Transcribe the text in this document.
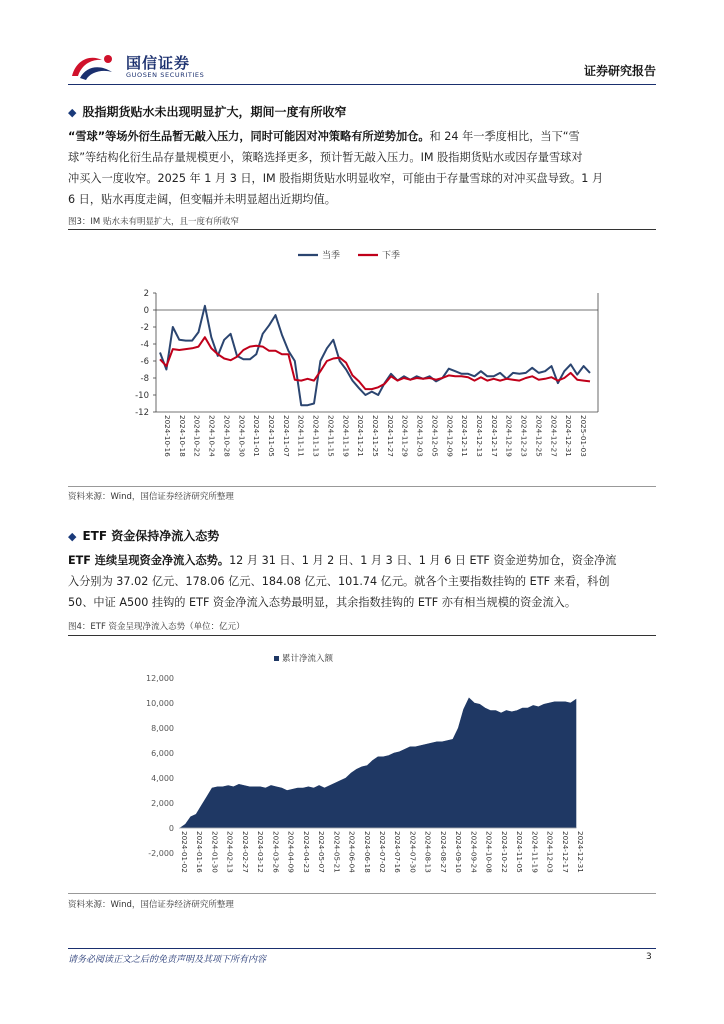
国信证券
GUOSEN SECURITIES	证券研究报告
◆ 股指期货贴水未出现明显扩大，期间一度有所收窄
“雪球”等场外衍生品暂无敲入压力，同时可能因对冲策略有所逆势加仓。和 24 年一季度相比，当下“雪
球”等结构化衍生品存量规模更小，策略选择更多，预计暂无敲入压力。IM 股指期货贴水或因存量雪球对
冲买入一度收窄。2025 年 1 月 3 日，IM 股指期货贴水明显收窄，可能由于存量雪球的对冲买盘导致。1 月
6 日，贴水再度走阔，但变幅并未明显超出近期均值。
图3：IM 贴水未有明显扩大，且一度有所收窄
2
0
-2
-4
-6
-8
-10
-12
2024-10-16 2024-10-18 2024-10-22 2024-10-24 2024-10-28 2024-10-30 2024-11-01 2024-11-05 2024-11-07 2024-11-11 2024-11-13 2024-11-15 2024-11-19 2024-11-21 2024-11-25 2024-11-27 2024-11-29 2024-12-03 2024-12-05 2024-12-09 2024-12-11 2024-12-13 2024-12-17 2024-12-19 2024-12-23 2024-12-25 2024-12-27 2024-12-31 2025-01-03
当季	下季
资料来源：Wind，国信证券经济研究所整理
◆ ETF 资金保持净流入态势
ETF 连续呈现资金净流入态势。12 月 31 日、1 月 2 日、1 月 3 日、1 月 6 日 ETF 资金逆势加仓，资金净流
入分别为 37.02 亿元、178.06 亿元、184.08 亿元、101.74 亿元。就各个主要指数挂钩的 ETF 来看，科创
50、中证 A500 挂钩的 ETF 资金净流入态势最明显，其余指数挂钩的 ETF 亦有相当规模的资金流入。
图4：ETF 资金呈现净流入态势（单位：亿元）
累计净流入额
12,000
10,000
8,000
6,000
4,000
2,000
0
-2,000 2024-01-02 2024-01-16 2024-01-30 2024-02-13 2024-02-27 2024-03-12 2024-03-26 2024-04-09 2024-04-23 2024-05-07 2024-05-21 2024-06-04 2024-06-18 2024-07-02 2024-07-16 2024-07-30 2024-08-13 2024-08-27 2024-09-10 2024-09-24 2024-10-08 2024-10-22 2024-11-05 2024-11-19 2024-12-03 2024-12-17 2024-12-31
资料来源：Wind，国信证券经济研究所整理
请务必阅读正文之后的免责声明及其项下所有内容	3
